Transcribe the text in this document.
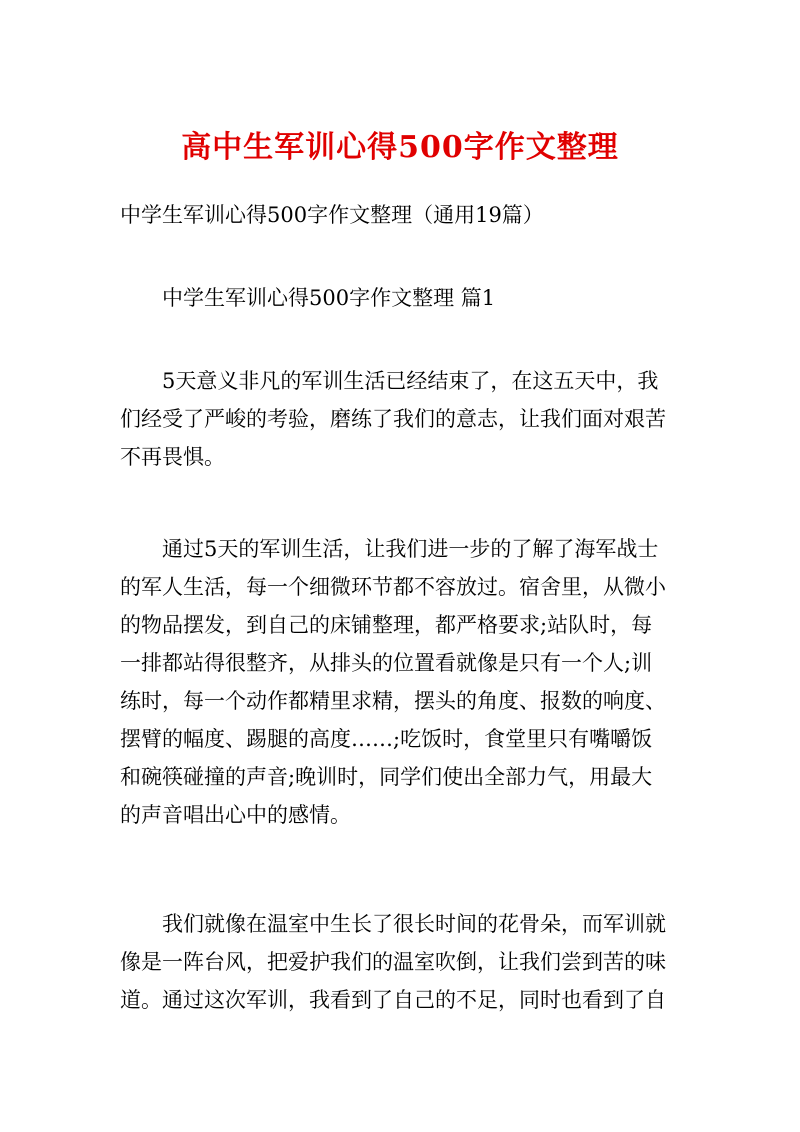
高中生军训心得500字作文整理
中学生军训心得500字作文整理（通用19篇）
中学生军训心得500字作文整理 篇1
5天意义非凡的军训生活已经结束了，在这五天中，我
们经受了严峻的考验，磨练了我们的意志，让我们面对艰苦
不再畏惧。
通过5天的军训生活，让我们进一步的了解了海军战士
的军人生活，每一个细微环节都不容放过。宿舍里，从微小
的物品摆发，到自己的床铺整理，都严格要求;站队时，每
一排都站得很整齐，从排头的位置看就像是只有一个人;训
练时，每一个动作都精里求精，摆头的角度、报数的响度、
摆臂的幅度、踢腿的高度……;吃饭时，食堂里只有嘴嚼饭
和碗筷碰撞的声音;晚训时，同学们使出全部力气，用最大
的声音唱出心中的感情。
我们就像在温室中生长了很长时间的花骨朵，而军训就
像是一阵台风，把爱护我们的温室吹倒，让我们尝到苦的味
道。通过这次军训，我看到了自己的不足，同时也看到了自
